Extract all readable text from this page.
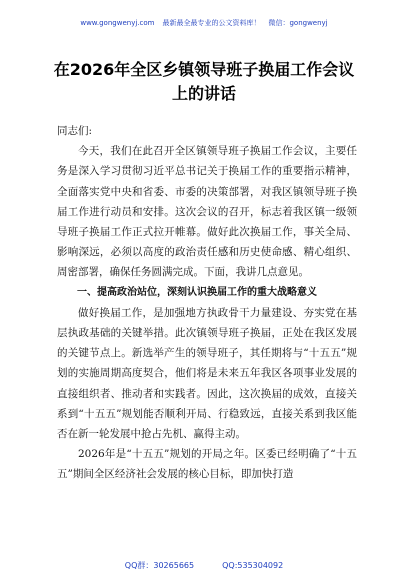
www.gongwenyj.com 最新最全最专业的公文资料库！ 微信：gongwenyj
在2026年全区乡镇领导班子换届工作会议上的讲话

同志们:

今天，我们在此召开全区镇领导班子换届工作会议，主要任务是深入学习贯彻习近平总书记关于换届工作的重要指示精神，全面落实党中央和省委、市委的决策部署，对我区镇领导班子换届工作进行动员和安排。这次会议的召开，标志着我区镇一级领导班子换届工作正式拉开帷幕。做好此次换届工作，事关全局、影响深远，必须以高度的政治责任感和历史使命感、精心组织、周密部署，确保任务圆满完成。下面，我讲几点意见。

一、提高政治站位，深刻认识换届工作的重大战略意义

做好换届工作，是加强地方执政骨干力量建设、夯实党在基层执政基础的关键举措。此次镇领导班子换届，正处在我区发展的关键节点上。新选举产生的领导班子，其任期将与“十五五”规划的实施周期高度契合，他们将是未来五年我区各项事业发展的直接组织者、推动者和实践者。因此，这次换届的成效，直接关系到“十五五”规划能否顺利开局、行稳致远，直接关系到我区能否在新一轮发展中抢占先机、赢得主动。

2026年是“十五五”规划的开局之年。区委已经明确了“十五五”期间全区经济社会发展的核心目标，即加快打造

QQ群：30265665	QQ:535304092
